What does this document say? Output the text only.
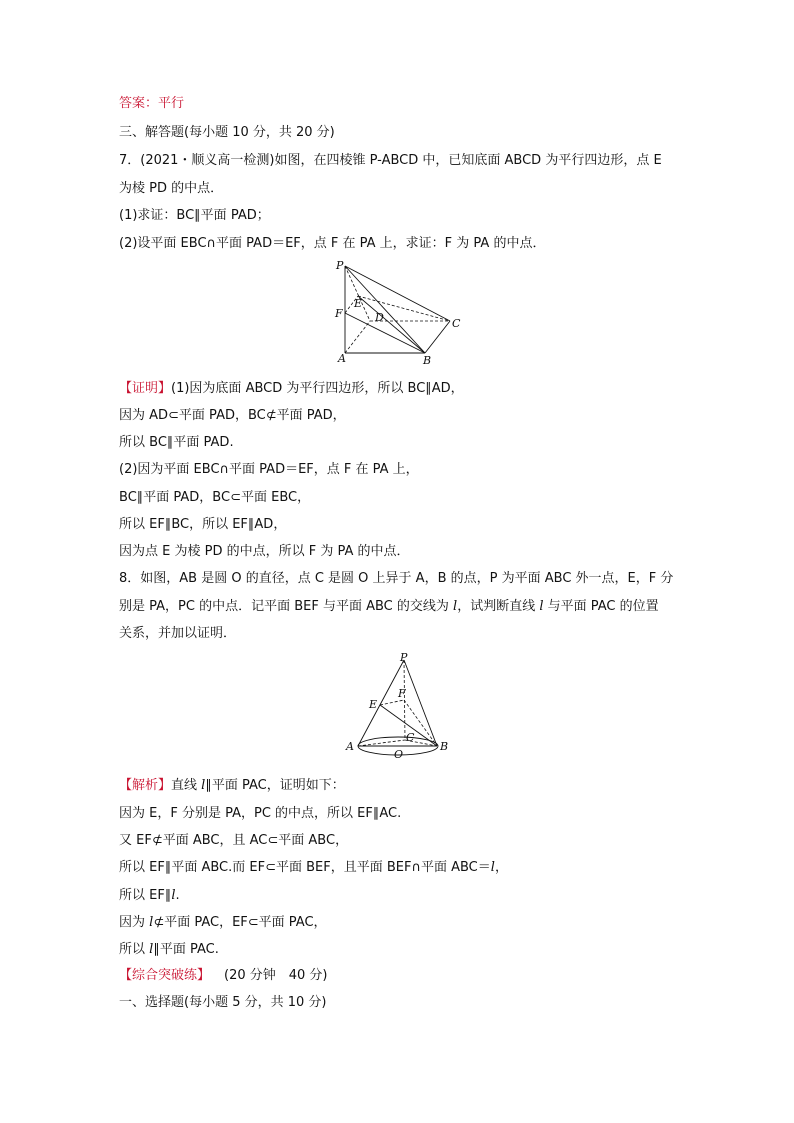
答案：平行
三、解答题(每小题 10 分，共 20 分)
7．(2021・顺义高一检测)如图，在四棱锥 P-ABCD 中，已知底面 ABCD 为平行四边形，点 E
为棱 PD 的中点．
(1)求证：BC∥平面 PAD；
(2)设平面 EBC∩平面 PAD＝EF，点 F 在 PA 上，求证：F 为 PA 的中点．
P
E
F	D	C
A	B
【证明】(1)因为底面 ABCD 为平行四边形，所以 BC∥AD，
因为 AD⊂平面 PAD，BC⊄平面 PAD，
所以 BC∥平面 PAD.
(2)因为平面 EBC∩平面 PAD＝EF，点 F 在 PA 上，
BC∥平面 PAD，BC⊂平面 EBC，
所以 EF∥BC，所以 EF∥AD，
因为点 E 为棱 PD 的中点，所以 F 为 PA 的中点．
8．如图，AB 是圆 O 的直径，点 C 是圆 O 上异于 A，B 的点，P 为平面 ABC 外一点，E，F 分
别是 PA，PC 的中点．记平面 BEF 与平面 ABC 的交线为 l，试判断直线 l 与平面 PAC 的位置
关系，并加以证明．
P
E
F
A
C
O
B
【解析】直线 l∥平面 PAC，证明如下：
因为 E，F 分别是 PA，PC 的中点，所以 EF∥AC.
又 EF⊄平面 ABC，且 AC⊂平面 ABC，
所以 EF∥平面 ABC.而 EF⊂平面 BEF，且平面 BEF∩平面 ABC＝l，
所以 EF∥l.
因为 l⊄平面 PAC，EF⊂平面 PAC，
所以 l∥平面 PAC.
【综合突破练】 (20 分钟　40 分)
一、选择题(每小题 5 分，共 10 分)
